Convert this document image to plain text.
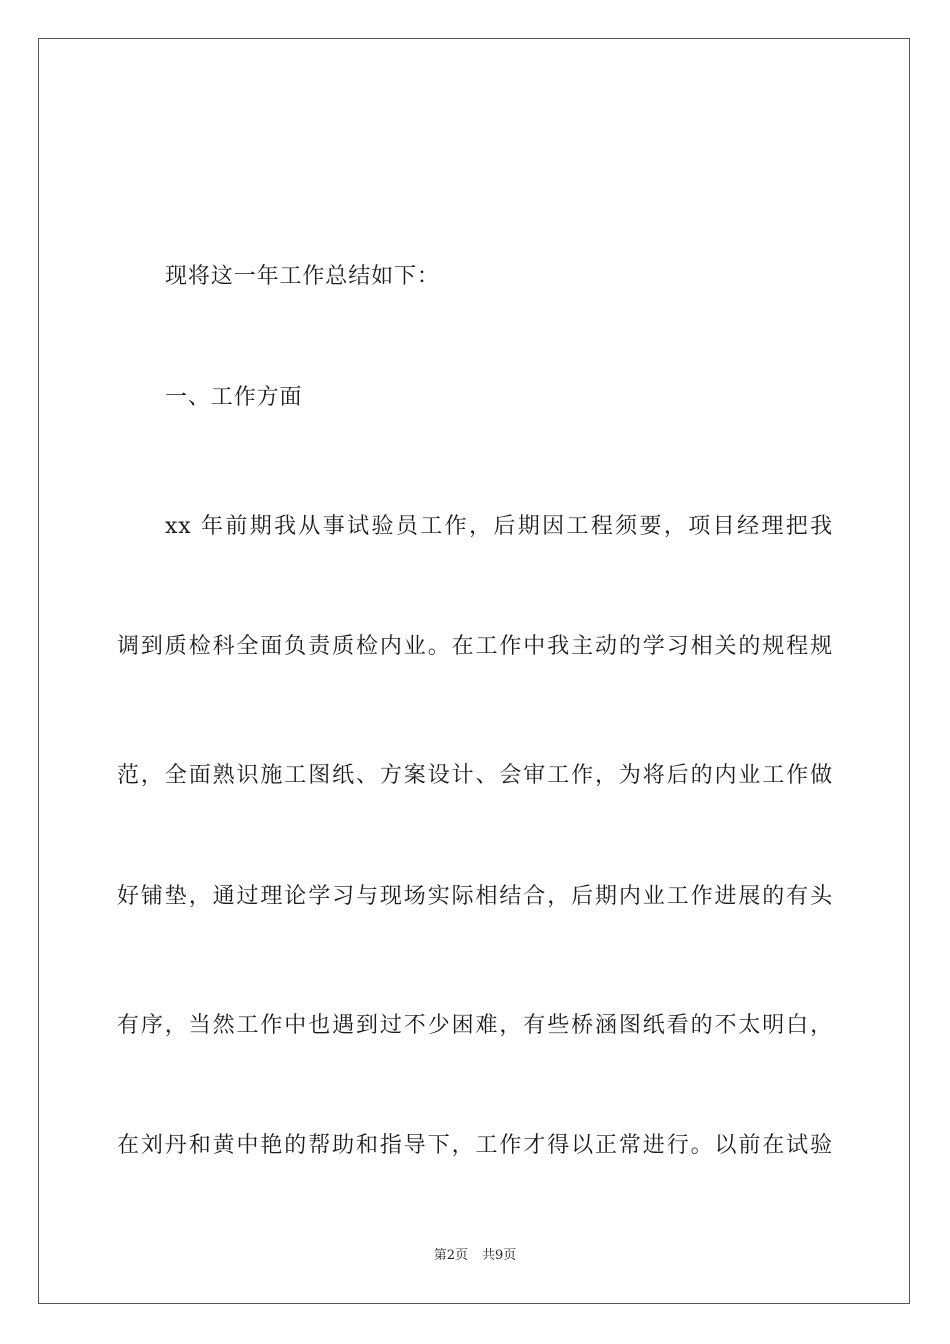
现将这一年工作总结如下：
一、工作方面
xx 年前期我从事试验员工作，后期因工程须要，项目经理把我
调到质检科全面负责质检内业。在工作中我主动的学习相关的规程规
范，全面熟识施工图纸、方案设计、会审工作，为将后的内业工作做
好铺垫，通过理论学习与现场实际相结合，后期内业工作进展的有头
有序，当然工作中也遇到过不少困难，有些桥涵图纸看的不太明白，
在刘丹和黄中艳的帮助和指导下，工作才得以正常进行。以前在试验
第2页 共9页
